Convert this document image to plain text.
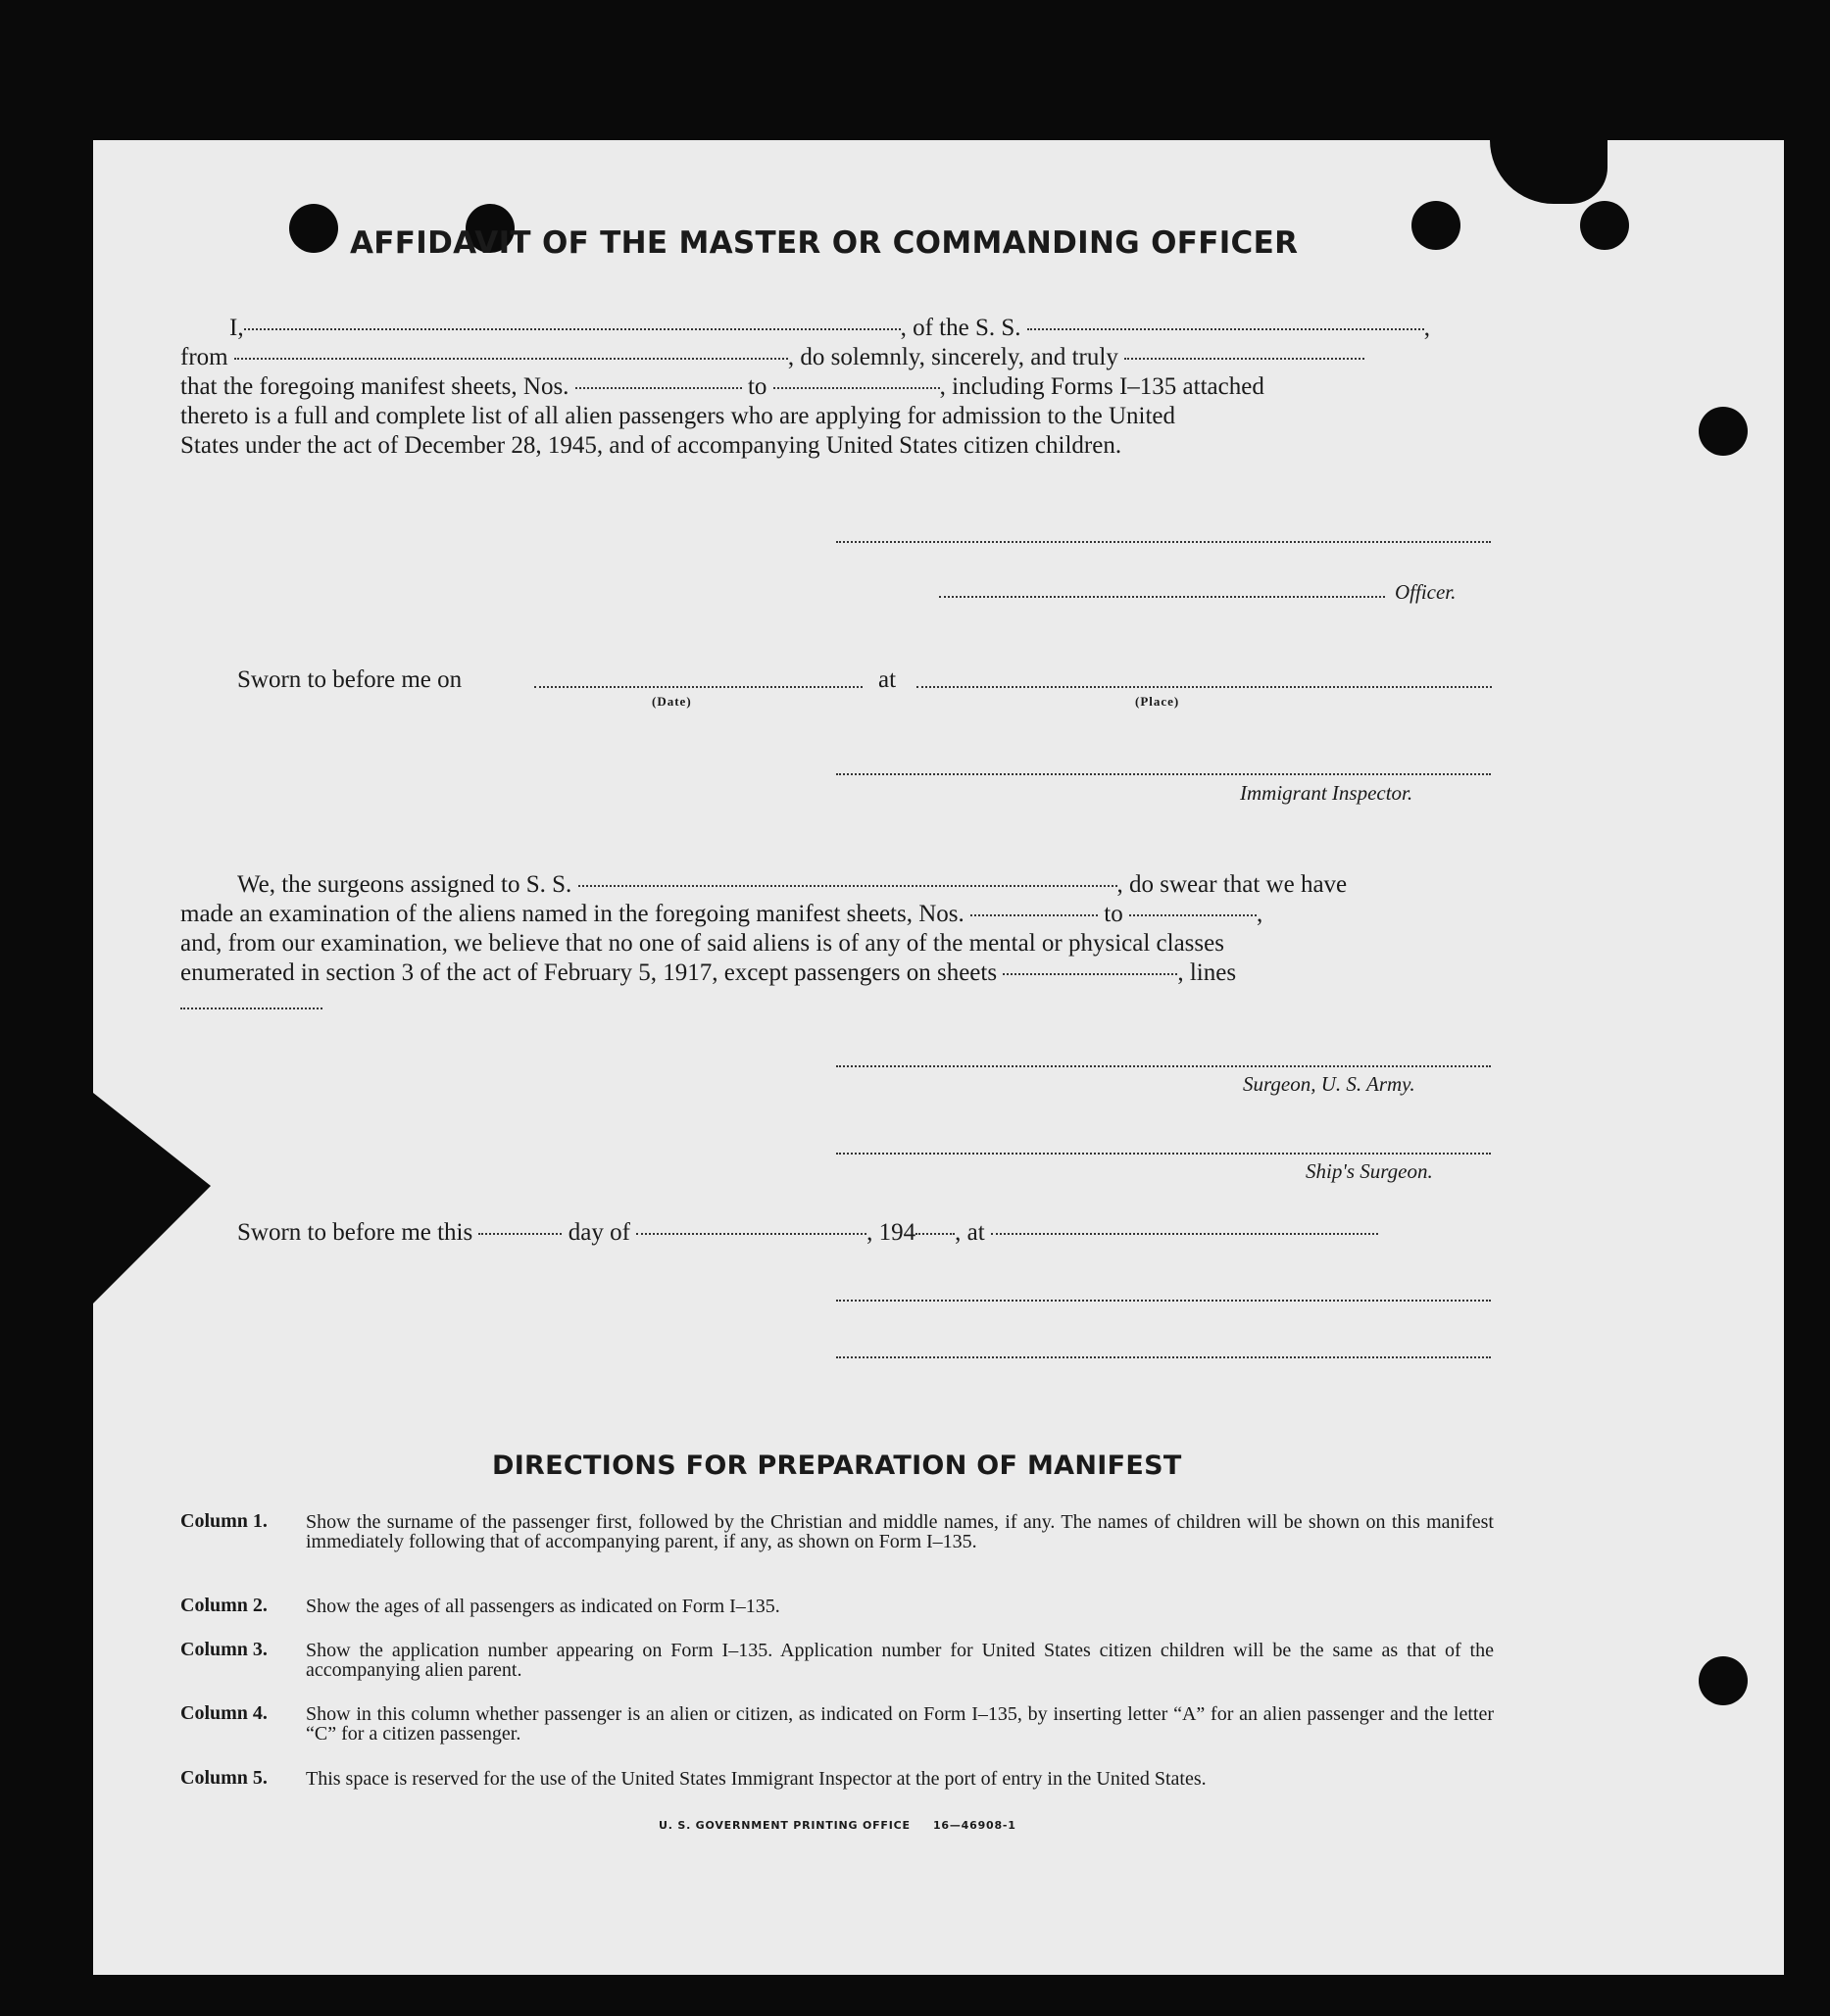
AFFIDAVIT OF THE MASTER OR COMMANDING OFFICER
I,	, of the S. S.	,
from	, do solemnly, sincerely, and truly
that the foregoing manifest sheets, Nos.	to	, including Forms I–135 attached
thereto is a full and complete list of all alien passengers who are applying for admission to the United
States under the act of December 28, 1945, and of accompanying United States citizen children.
Officer.
Sworn to before me on	at
(Date)	(Place)
Immigrant Inspector.
We, the surgeons assigned to S. S.	, do swear that we have
made an examination of the aliens named in the foregoing manifest sheets, Nos.	to	,
and, from our examination, we believe that no one of said aliens is of any of the mental or physical classes
enumerated in section 3 of the act of February 5, 1917, except passengers on sheets	, lines
Surgeon, U. S. Army.
Ship's Surgeon.
Sworn to before me this	day of	, 194 , at
DIRECTIONS FOR PREPARATION OF MANIFEST
Column 1. Show the surname of the passenger first, followed by the Christian and middle names, if any. The names of children will be shown on this manifest immediately following that of accompanying parent, if any, as shown on Form I–135.
Column 2. Show the ages of all passengers as indicated on Form I–135.
Column 3. Show the application number appearing on Form I–135. Application number for United States citizen children will be the same as that of the accompanying alien parent.
Column 4. Show in this column whether passenger is an alien or citizen, as indicated on Form I–135, by inserting letter “A” for an alien passenger and the letter “C” for a citizen passenger.
Column 5. This space is reserved for the use of the United States Immigrant Inspector at the port of entry in the United States.
U. S. GOVERNMENT PRINTING OFFICE     16—46908-1
